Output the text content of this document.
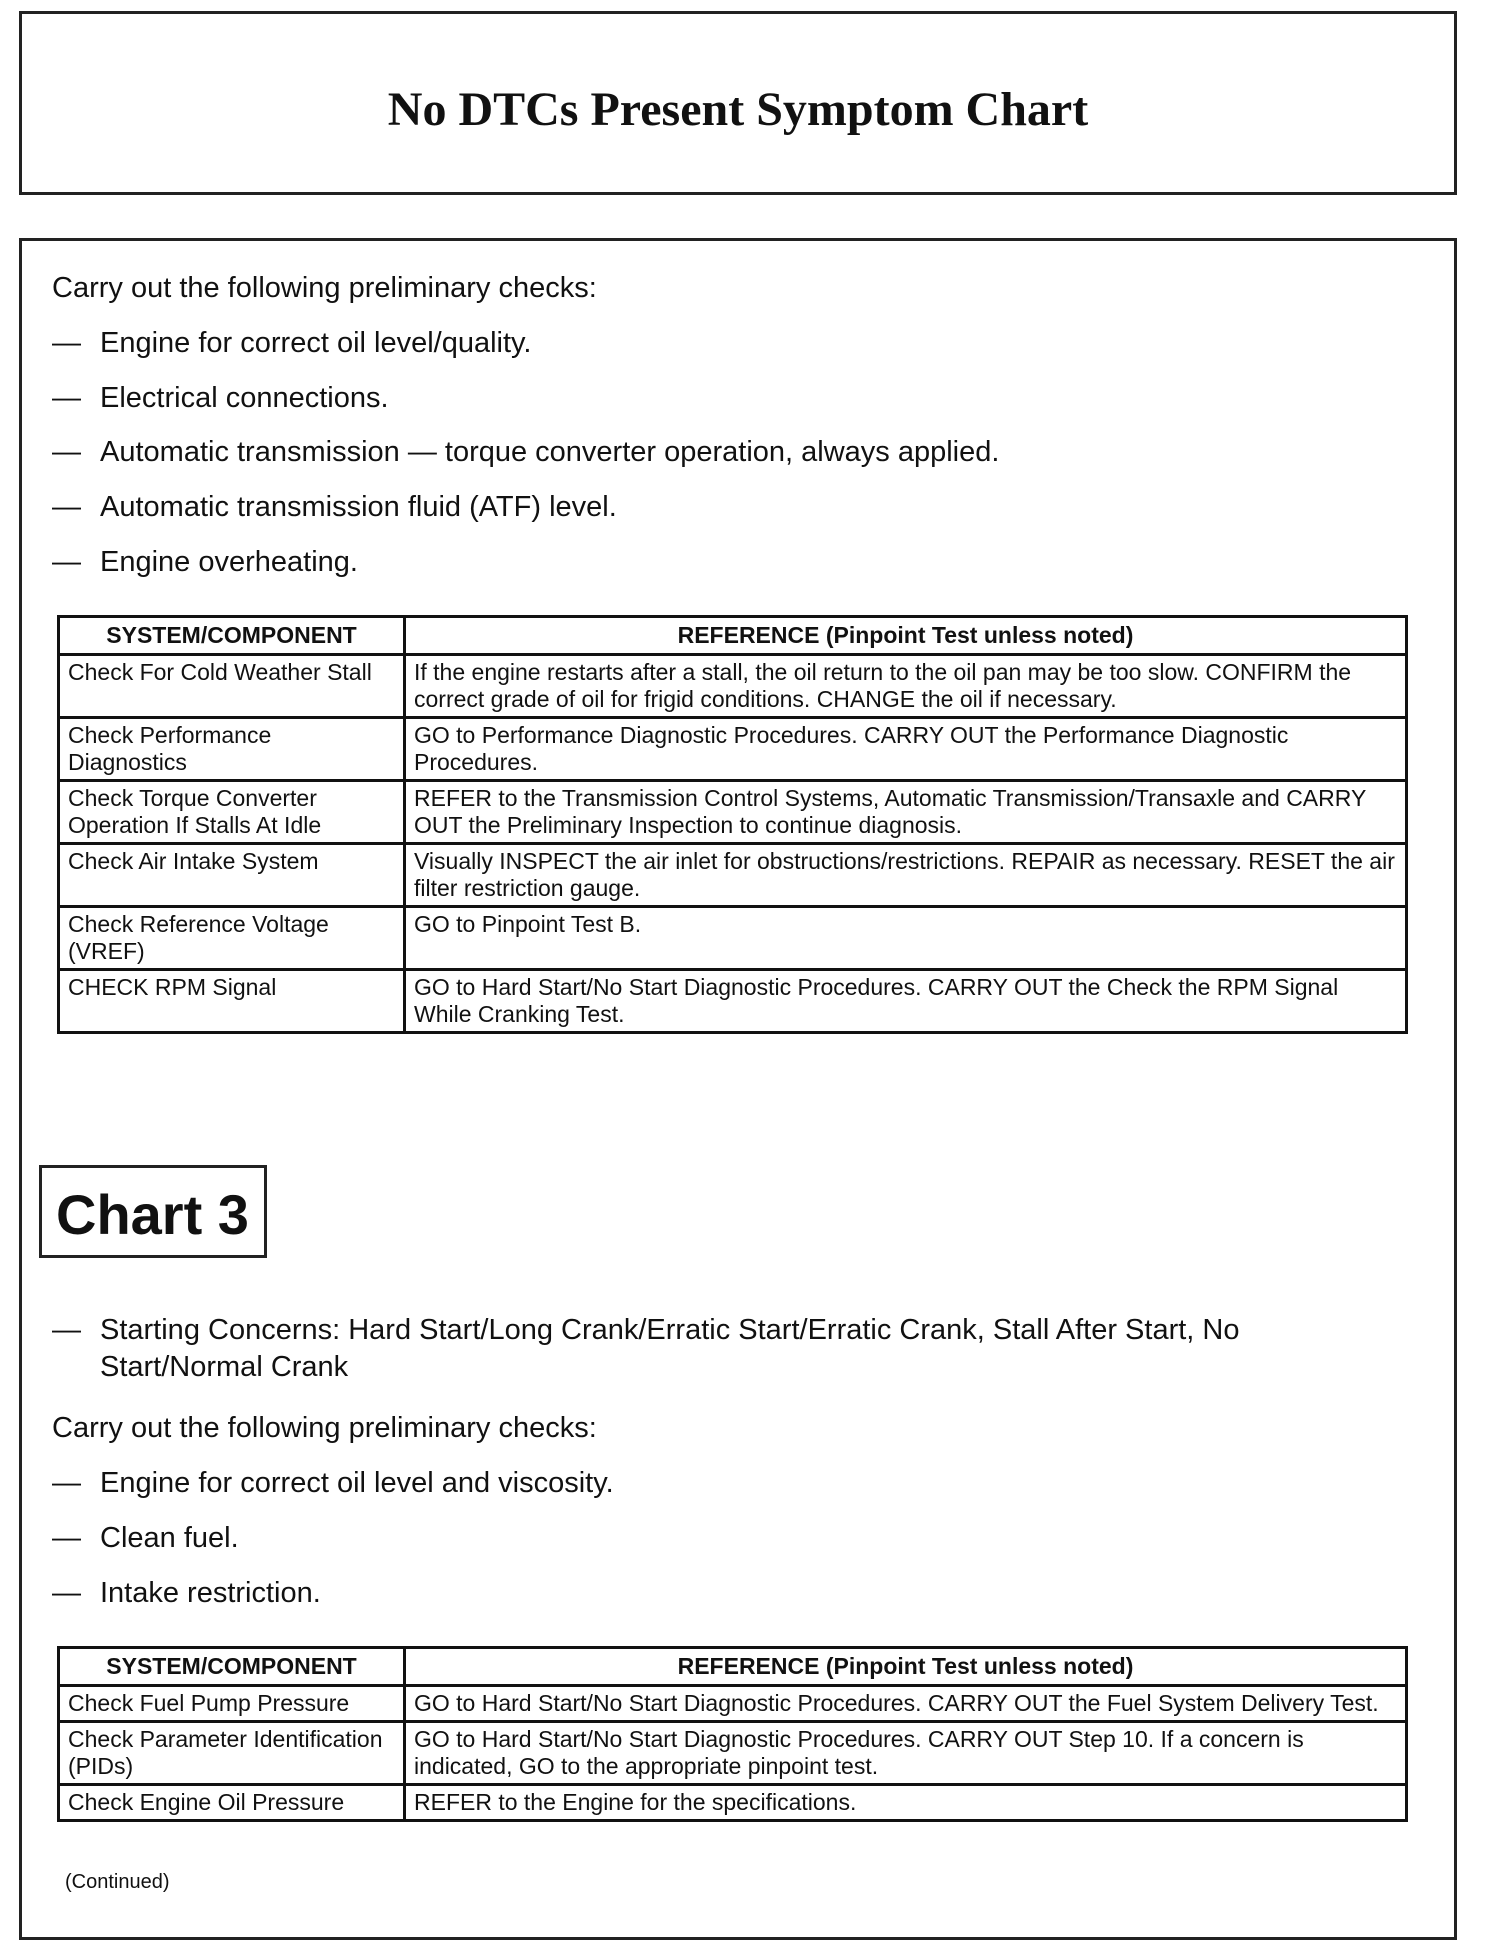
No DTCs Present Symptom Chart

Carry out the following preliminary checks:

— Engine for correct oil level/quality.

— Electrical connections.

— Automatic transmission — torque converter operation, always applied.

— Automatic transmission fluid (ATF) level.

— Engine overheating.

SYSTEM/COMPONENT	REFERENCE (Pinpoint Test unless noted)
Check For Cold Weather Stall	If the engine restarts after a stall, the oil return to the oil pan may be too slow. CONFIRM the correct grade of oil for frigid conditions. CHANGE the oil if necessary.
Check Performance Diagnostics	GO to Performance Diagnostic Procedures. CARRY OUT the Performance Diagnostic Procedures.
Check Torque Converter Operation If Stalls At Idle	REFER to the Transmission Control Systems, Automatic Transmission/Transaxle and CARRY OUT the Preliminary Inspection to continue diagnosis.
Check Air Intake System	Visually INSPECT the air inlet for obstructions/restrictions. REPAIR as necessary. RESET the air filter restriction gauge.
Check Reference Voltage (VREF)	GO to Pinpoint Test B.
CHECK RPM Signal	GO to Hard Start/No Start Diagnostic Procedures. CARRY OUT the Check the RPM Signal While Cranking Test.
Chart 3
— Starting Concerns: Hard Start/Long Crank/Erratic Start/Erratic Crank, Stall After Start, No Start/Normal Crank

Carry out the following preliminary checks:

— Engine for correct oil level and viscosity.

— Clean fuel.

— Intake restriction.

SYSTEM/COMPONENT	REFERENCE (Pinpoint Test unless noted)
Check Fuel Pump Pressure	GO to Hard Start/No Start Diagnostic Procedures. CARRY OUT the Fuel System Delivery Test.
Check Parameter Identification (PIDs)	GO to Hard Start/No Start Diagnostic Procedures. CARRY OUT Step 10. If a concern is indicated, GO to the appropriate pinpoint test.
Check Engine Oil Pressure	REFER to the Engine for the specifications.
(Continued)
